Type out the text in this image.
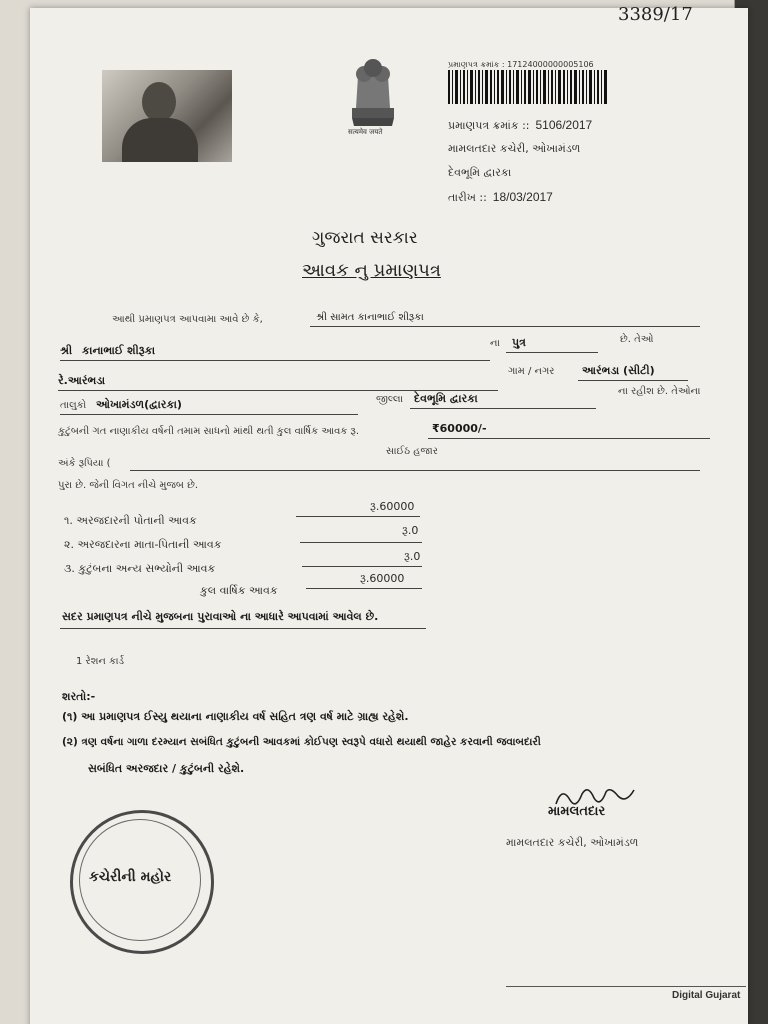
3389/17
सत्यमेव जयते
પ્રમાણપત્ર ક્રમાંક : 17124000000005106
પ્રમાણપત્ર ક્રમાંક :: 5106/2017
મામલતદાર કચેરી, ઓખામંડળ
દેવભૂમિ દ્વારકા
તારીખ :: 18/03/2017
ગુજરાત સરકાર
આવક નુ પ્રમાણપત્ર
આથી પ્રમાણપત્ર આપવામા આવે છે કે,	શ્રી સામત કાનાભાઈ શીરૂકા
શ્રી કાનાભાઈ શીરૂકા
ના પુત્ર	છે. તેઓ
રે.આરંભડા
ગામ / નગર	આરંભડા (સીટી)
તાલુકો ઓખામંડળ(દ્વારકા)	જીલ્લા દેવભૂમિ દ્વારકા
ના રહીશ છે. તેઓના
કુટુંબની ગત નાણાકીય વર્ષની તમામ સાધનો માંથી થતી કુલ વાર્ષિક આવક રૂ.	₹60000/-
અંકે રૂપિયા (
સાઈઠ હજાર
પુરા છે. જેની વિગત નીચે મુજબ છે.
૧. અરજદારની પોતાની આવક
રૂ.60000
૨. અરજદારના માતા-પિતાની આવક
રૂ.0
૩. કુટુંબના અન્ય સભ્યોની આવક
રૂ.0
કુલ વાર્ષિક આવક
રૂ.60000
સદર પ્રમાણપત્ર નીચે મુજબના પુરાવાઓ ના આધારે આપવામાં આવેલ છે.
1 રેશન કાર્ડ
શરતો:-
(૧) આ પ્રમાણપત્ર ઈસ્યુ થયાના નાણાકીય વર્ષ સહિત ત્રણ વર્ષ માટે ગ્રાહ્ય રહેશે.
(૨) ત્રણ વર્ષના ગાળા દરમ્યાન સબંધિત કુટુંબની આવકમાં કોઈપણ સ્વરૂપે વધારો થયાથી જાહેર કરવાની જવાબદારી
સબંધિત અરજદાર / કુટુંબની રહેશે.
મામલતદાર
મામલતદાર કચેરી, ઓખામંડળ
કચેરીની મહોર
Digital Gujarat
